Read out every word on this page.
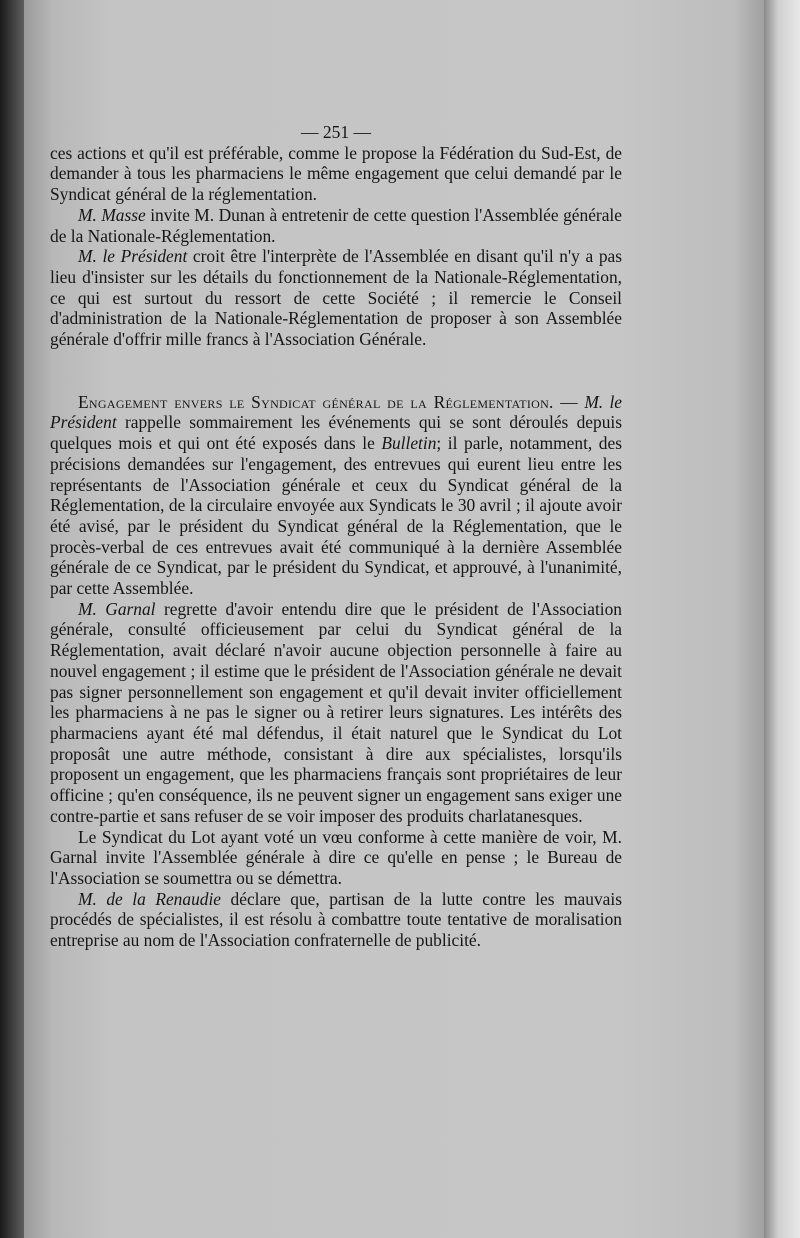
— 251 —

ces actions et qu'il est préférable, comme le propose la Fédération du Sud-Est, de demander à tous les pharmaciens le même engagement que celui demandé par le Syndicat général de la réglementation.

M. Masse invite M. Dunan à entretenir de cette question l'Assemblée générale de la Nationale-Réglementation.

M. le Président croit être l'interprète de l'Assemblée en disant qu'il n'y a pas lieu d'insister sur les détails du fonctionnement de la Nationale-Réglementation, ce qui est surtout du ressort de cette Société ; il remercie le Conseil d'administration de la Nationale-Réglementation de proposer à son Assemblée générale d'offrir mille francs à l'Association Générale.

Engagement envers le Syndicat général de la Réglementation. — M. le Président rappelle sommairement les événements qui se sont déroulés depuis quelques mois et qui ont été exposés dans le Bulletin; il parle, notamment, des précisions demandées sur l'engagement, des entrevues qui eurent lieu entre les représentants de l'Association générale et ceux du Syndicat général de la Réglementation, de la circulaire envoyée aux Syndicats le 30 avril ; il ajoute avoir été avisé, par le président du Syndicat général de la Réglementation, que le procès-verbal de ces entrevues avait été communiqué à la dernière Assemblée générale de ce Syndicat, par le président du Syndicat, et approuvé, à l'unanimité, par cette Assemblée.

M. Garnal regrette d'avoir entendu dire que le président de l'Association générale, consulté officieusement par celui du Syndicat général de la Réglementation, avait déclaré n'avoir aucune objection personnelle à faire au nouvel engagement ; il estime que le président de l'Association générale ne devait pas signer personnellement son engagement et qu'il devait inviter officiellement les pharmaciens à ne pas le signer ou à retirer leurs signatures. Les intérêts des pharmaciens ayant été mal défendus, il était naturel que le Syndicat du Lot proposât une autre méthode, consistant à dire aux spécialistes, lorsqu'ils proposent un engagement, que les pharmaciens français sont propriétaires de leur officine ; qu'en conséquence, ils ne peuvent signer un engagement sans exiger une contre-partie et sans refuser de se voir imposer des produits charlatanesques.

Le Syndicat du Lot ayant voté un vœu conforme à cette manière de voir, M. Garnal invite l'Assemblée générale à dire ce qu'elle en pense ; le Bureau de l'Association se soumettra ou se démettra.

M. de la Renaudie déclare que, partisan de la lutte contre les mauvais procédés de spécialistes, il est résolu à combattre toute tentative de moralisation entreprise au nom de l'Association confraternelle de publicité.
